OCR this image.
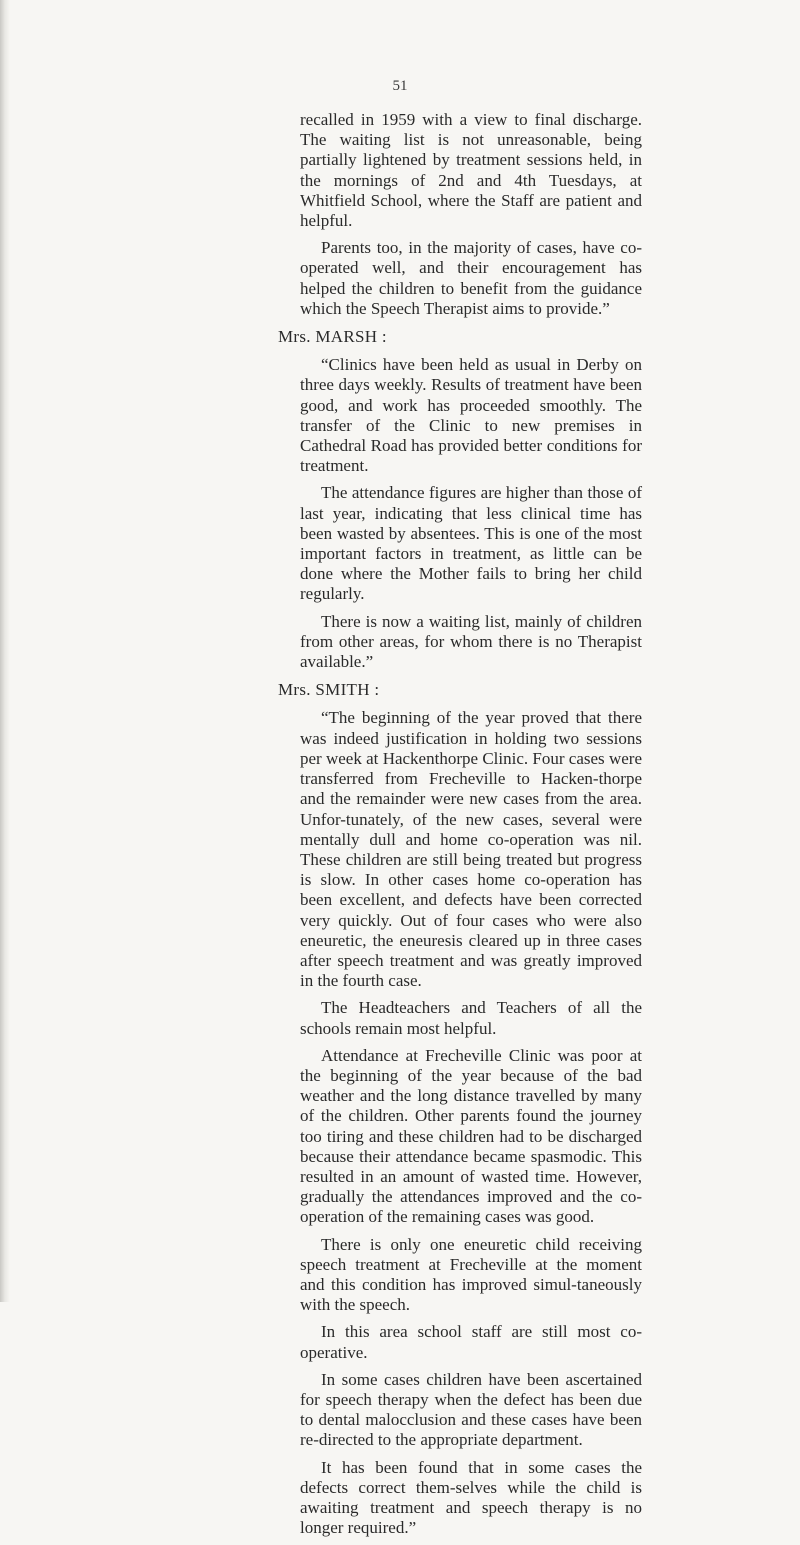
51

recalled in 1959 with a view to final discharge. The waiting list is not unreasonable, being partially lightened by treatment sessions held, in the mornings of 2nd and 4th Tuesdays, at Whitfield School, where the Staff are patient and helpful.

Parents too, in the majority of cases, have co-operated well, and their encouragement has helped the children to benefit from the guidance which the Speech Therapist aims to provide.”

Mrs. MARSH :

“Clinics have been held as usual in Derby on three days weekly. Results of treatment have been good, and work has proceeded smoothly. The transfer of the Clinic to new premises in Cathedral Road has provided better conditions for treatment.

The attendance figures are higher than those of last year, indicating that less clinical time has been wasted by absentees. This is one of the most important factors in treatment, as little can be done where the Mother fails to bring her child regularly.

There is now a waiting list, mainly of children from other areas, for whom there is no Therapist available.”

Mrs. SMITH :

“The beginning of the year proved that there was indeed justification in holding two sessions per week at Hackenthorpe Clinic. Four cases were transferred from Frecheville to Hacken-thorpe and the remainder were new cases from the area. Unfor-tunately, of the new cases, several were mentally dull and home co-operation was nil. These children are still being treated but progress is slow. In other cases home co-operation has been excellent, and defects have been corrected very quickly. Out of four cases who were also eneuretic, the eneuresis cleared up in three cases after speech treatment and was greatly improved in the fourth case.

The Headteachers and Teachers of all the schools remain most helpful.

Attendance at Frecheville Clinic was poor at the beginning of the year because of the bad weather and the long distance travelled by many of the children. Other parents found the journey too tiring and these children had to be discharged because their attendance became spasmodic. This resulted in an amount of wasted time. However, gradually the attendances improved and the co-operation of the remaining cases was good.

There is only one eneuretic child receiving speech treatment at Frecheville at the moment and this condition has improved simul-taneously with the speech.

In this area school staff are still most co-operative.

In some cases children have been ascertained for speech therapy when the defect has been due to dental malocclusion and these cases have been re-directed to the appropriate department.

It has been found that in some cases the defects correct them-selves while the child is awaiting treatment and speech therapy is no longer required.”
